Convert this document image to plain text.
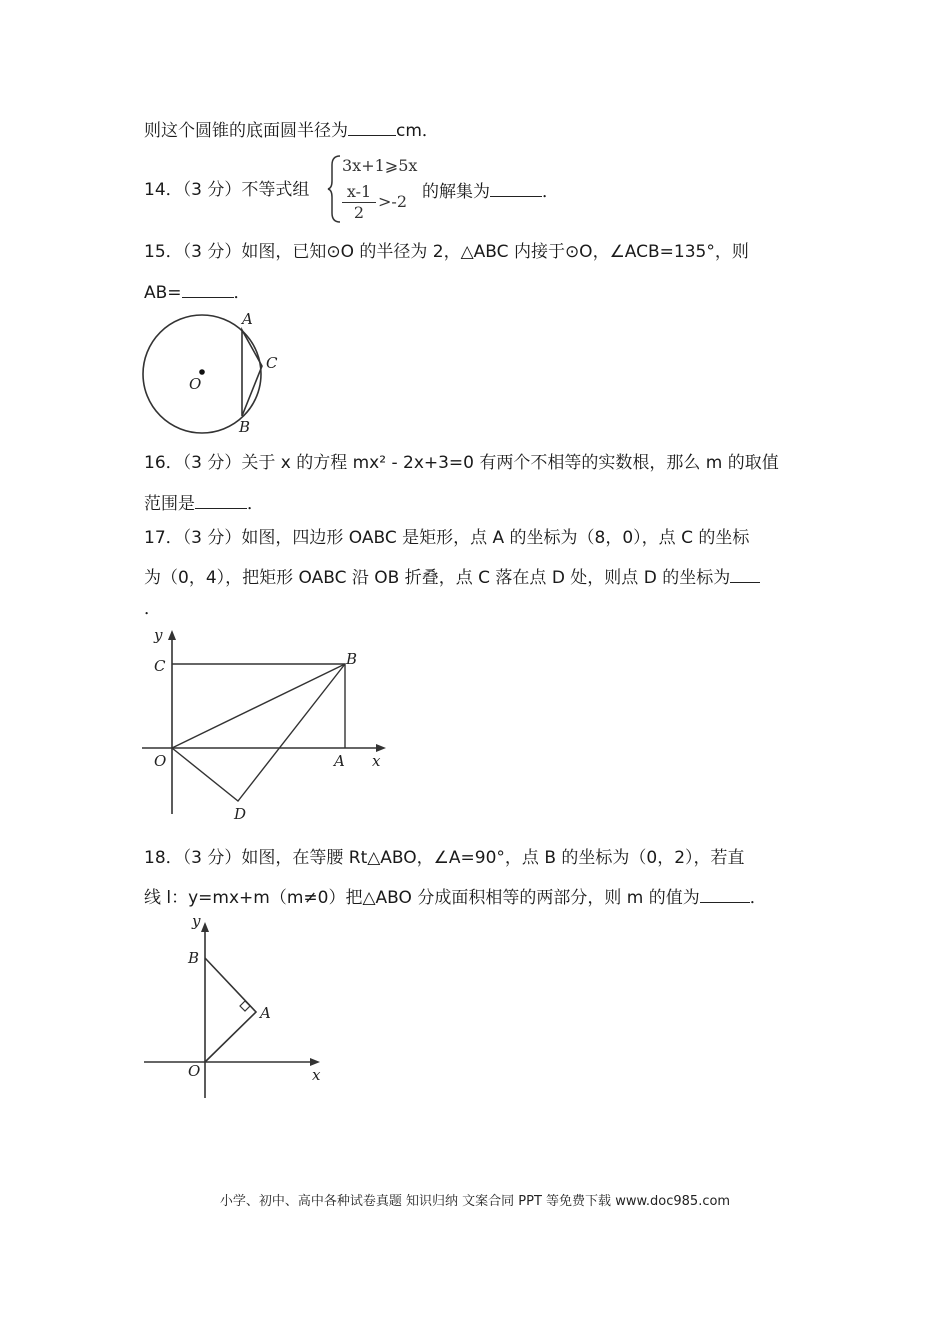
则这个圆锥的底面圆半径为	cm．
14．（3 分）不等式组
3x+1⩾5x
x-1
2
>-2 的解集为	．
15．（3 分）如图，已知⊙O 的半径为 2，△ABC 内接于⊙O，∠ACB=135°，则
AB=	．
A
C
B
O
16．（3 分）关于 x 的方程 mx² ‐ 2x+3=0 有两个不相等的实数根，那么 m 的取值
范围是	．
17．（3 分）如图，四边形 OABC 是矩形，点 A 的坐标为（8，0），点 C 的坐标
为（0，4），把矩形 OABC 沿 OB 折叠，点 C 落在点 D 处，则点 D 的坐标为
．
y
C	B
O	A x
D
18．（3 分）如图，在等腰 Rt△ABO，∠A=90°，点 B 的坐标为（0，2），若直
线 l：y=mx+m（m≠0）把△ABO 分成面积相等的两部分，则 m 的值为	．
y
B
A
O	x
小学、初中、高中各种试卷真题 知识归纳 文案合同 PPT 等免费下载 www.doc985.com
